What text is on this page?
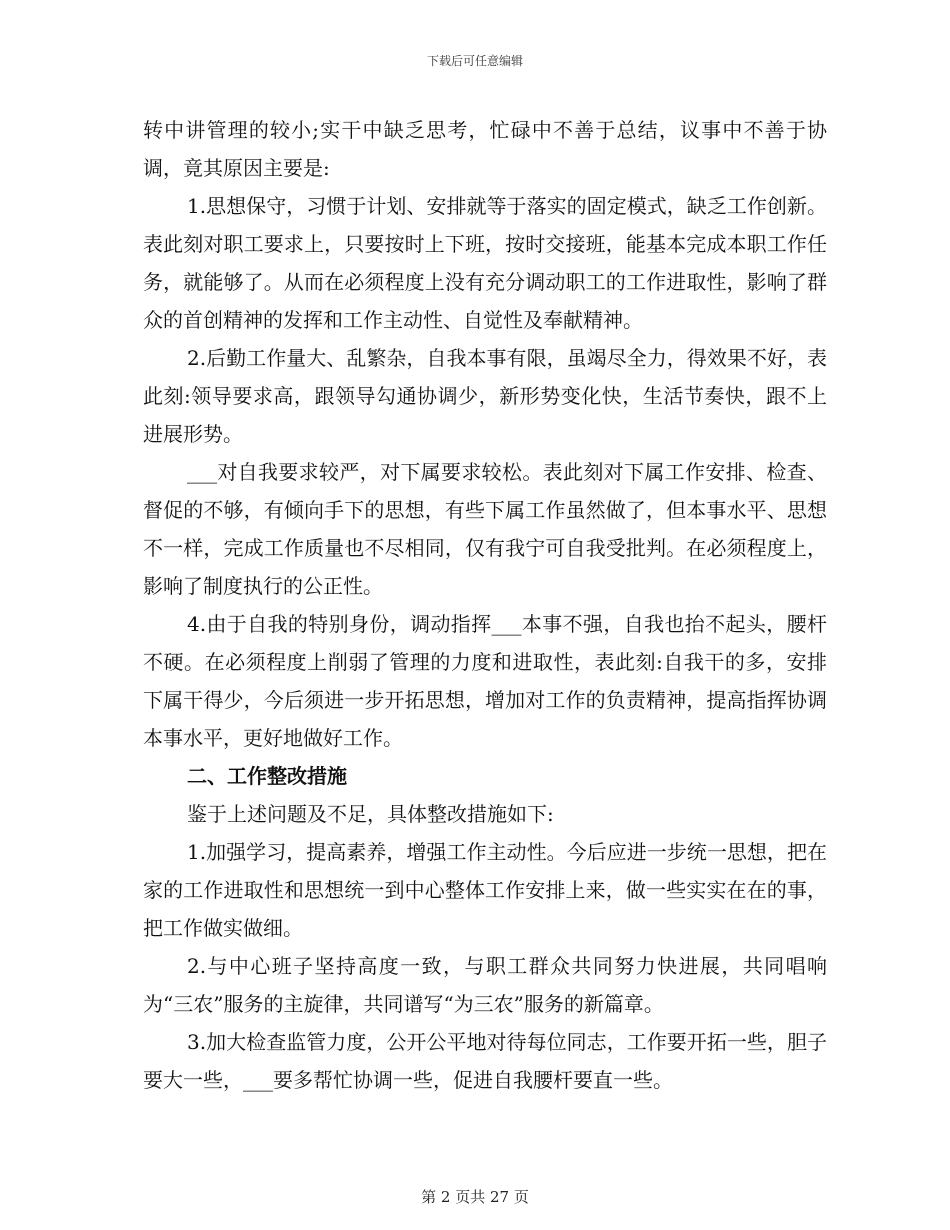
下载后可任意编辑

转中讲管理的较小;实干中缺乏思考，忙碌中不善于总结，议事中不善于协调，竟其原因主要是:

1.思想保守，习惯于计划、安排就等于落实的固定模式，缺乏工作创新。表此刻对职工要求上，只要按时上下班，按时交接班，能基本完成本职工作任务，就能够了。从而在必须程度上没有充分调动职工的工作进取性，影响了群众的首创精神的发挥和工作主动性、自觉性及奉献精神。

2.后勤工作量大、乱繁杂，自我本事有限，虽竭尽全力，得效果不好，表此刻:领导要求高，跟领导勾通协调少，新形势变化快，生活节奏快，跟不上进展形势。

___对自我要求较严，对下属要求较松。表此刻对下属工作安排、检查、督促的不够，有倾向手下的思想，有些下属工作虽然做了，但本事水平、思想不一样，完成工作质量也不尽相同，仅有我宁可自我受批判。在必须程度上，影响了制度执行的公正性。

4.由于自我的特别身份，调动指挥___本事不强，自我也抬不起头，腰杆不硬。在必须程度上削弱了管理的力度和进取性，表此刻:自我干的多，安排下属干得少，今后须进一步开拓思想，增加对工作的负责精神，提高指挥协调本事水平，更好地做好工作。

二、工作整改措施

鉴于上述问题及不足，具体整改措施如下:

1.加强学习，提高素养，增强工作主动性。今后应进一步统一思想，把在家的工作进取性和思想统一到中心整体工作安排上来，做一些实实在在的事，把工作做实做细。

2.与中心班子坚持高度一致，与职工群众共同努力快进展，共同唱响为“三农”服务的主旋律，共同谱写“为三农”服务的新篇章。

3.加大检查监管力度，公开公平地对待每位同志，工作要开拓一些，胆子要大一些，___要多帮忙协调一些，促进自我腰杆要直一些。

第 2 页共 27 页
